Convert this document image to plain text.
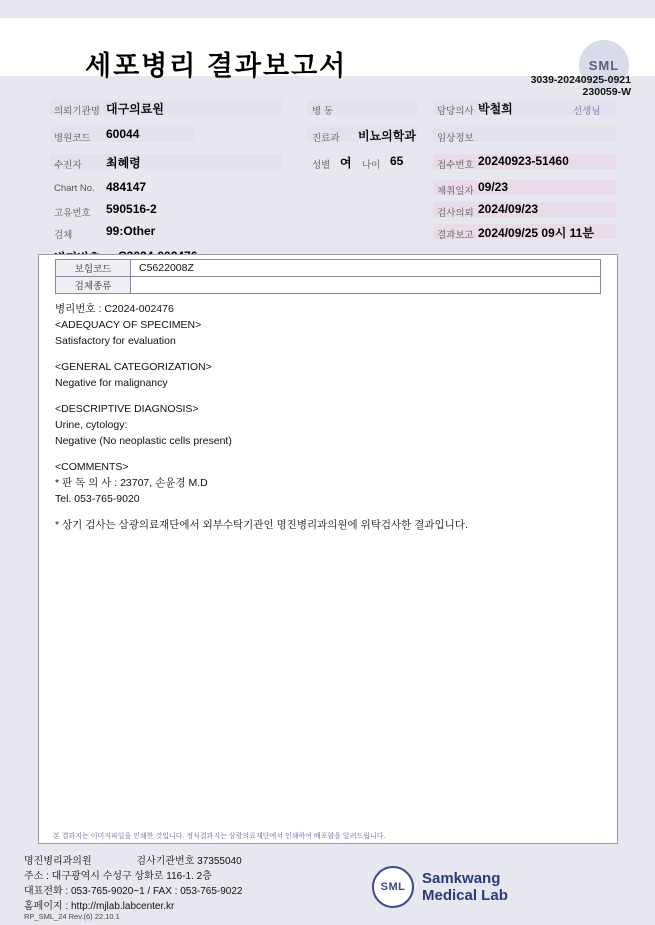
세포병리 결과보고서	SML
3039-20240925-0921
230059-W
의뢰기관명 대구의료원	병 동	담당의사 박철희	선생님
병원코드 60044	진료과 비뇨의학과 임상정보
수진자 최혜령	성별 여 나이 65	접수번호 20240923-51460
Chart No. 484147	채취일자 09/23
고유번호 590516-2	검사의뢰 2024/09/23
검체	99:Other	결과보고 2024/09/25 09시 11분
보험코드	C5622008Z
검체종류	
병리번호 : C2024-002476
<ADEQUACY OF SPECIMEN>
Satisfactory for evaluation
<GENERAL CATEGORIZATION>
Negative for malignancy
<DESCRIPTIVE DIAGNOSIS>
Urine, cytology:
Negative (No neoplastic cells present)
<COMMENTS>
* 판 독 의 사 : 23707, 손윤경 M.D
Tel. 053-765-9020
* 상기 검사는 삼광의료재단에서 외부수탁기관인 명진병리과의원에 위탁검사한 결과입니다.
본 결과지는 이미지파일을 인쇄한 것입니다. 정식결과지는 삼광의료재단에서 인쇄하여 배포함을 알려드립니다.
명진병리과의원	검사기관번호 37355040
주소 : 대구광역시 수성구 상화로 116-1. 2층
대표전화 : 053-765-9020~1 / FAX : 053-765-9022
홈페이지 : http://mjlab.labcenter.kr
RP_SML_24 Rev.(6) 22.10.1
SML Samkwang
Medical Lab
